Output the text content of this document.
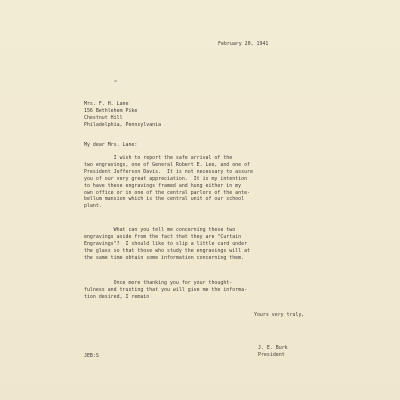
February 20, 1941
Mrs. F. H. Lane
156 Bethlehem Pike
Chestnut Hill
Philadelphia, Pennsylvania
My dear Mrs. Lane:
I wish to report the safe arrival of the
two engravings, one of General Robert E. Lee, and one of
President Jefferson Davis.  It is not necessary to assure
you of our very great appreciation.  It is my intention
to have these engravings framed and hung either in my
own office or in one of the central parlors of the ante-
bellum mansion which is the central unit of our school
plant.
What can you tell me concerning these two
engravings aside from the fact that they are "Curtain
Engravings"?  I should like to slip a little card under
the glass so that those who study the engravings will at
the same time obtain some information concerning them.
Once more thanking you for your thought-
fulness and trusting that you will give me the informa-
tion desired, I remain
Yours very truly,
J. E. Burk
President
JEB:S
